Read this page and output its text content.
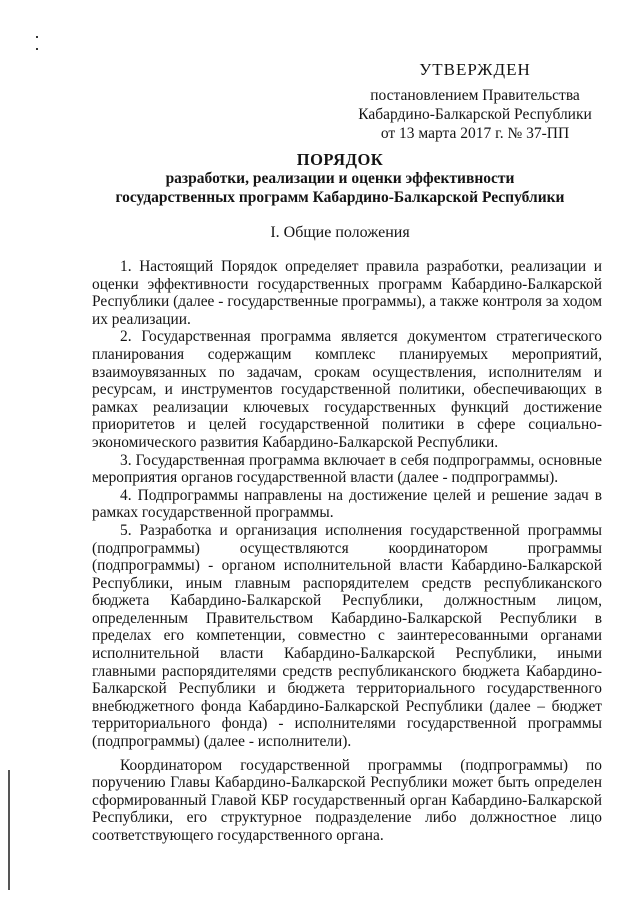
УТВЕРЖДЕН
постановлением Правительства
Кабардино-Балкарской Республики
от 13 марта 2017 г. № 37-ПП
ПОРЯДОК
разработки, реализации и оценки эффективности
государственных программ Кабардино-Балкарской Республики
I. Общие положения

1. Настоящий Порядок определяет правила разработки, реализации и оценки эффективности государственных программ Кабардино-Балкарской Республики (далее - государственные программы), а также контроля за ходом их реализации.

2. Государственная программа является документом стратегического планирования содержащим комплекс планируемых мероприятий, взаимоувязанных по задачам, срокам осуществления, исполнителям и ресурсам, и инструментов государственной политики, обеспечивающих в рамках реализации ключевых государственных функций достижение приоритетов и целей государственной политики в сфере социально-экономического развития Кабардино-Балкарской Республики.

3. Государственная программа включает в себя подпрограммы, основные мероприятия органов государственной власти (далее - подпрограммы).

4. Подпрограммы направлены на достижение целей и решение задач в рамках государственной программы.

5. Разработка и организация исполнения государственной программы (подпрограммы) осуществляются координатором программы (подпрограммы) - органом исполнительной власти Кабардино-Балкарской Республики, иным главным распорядителем средств республиканского бюджета Кабардино-Балкарской Республики, должностным лицом, определенным Правительством Кабардино-Балкарской Республики в пределах его компетенции, совместно с заинтересованными органами исполнительной власти Кабардино-Балкарской Республики, иными главными распорядителями средств республиканского бюджета Кабардино-Балкарской Республики и бюджета территориального государственного внебюджетного фонда Кабардино-Балкарской Республики (далее – бюджет территориального фонда) - исполнителями государственной программы (подпрограммы) (далее - исполнители).

Координатором государственной программы (подпрограммы) по поручению Главы Кабардино-Балкарской Республики может быть определен сформированный Главой КБР государственный орган Кабардино-Балкарской Республики, его структурное подразделение либо должностное лицо соответствующего государственного органа.
